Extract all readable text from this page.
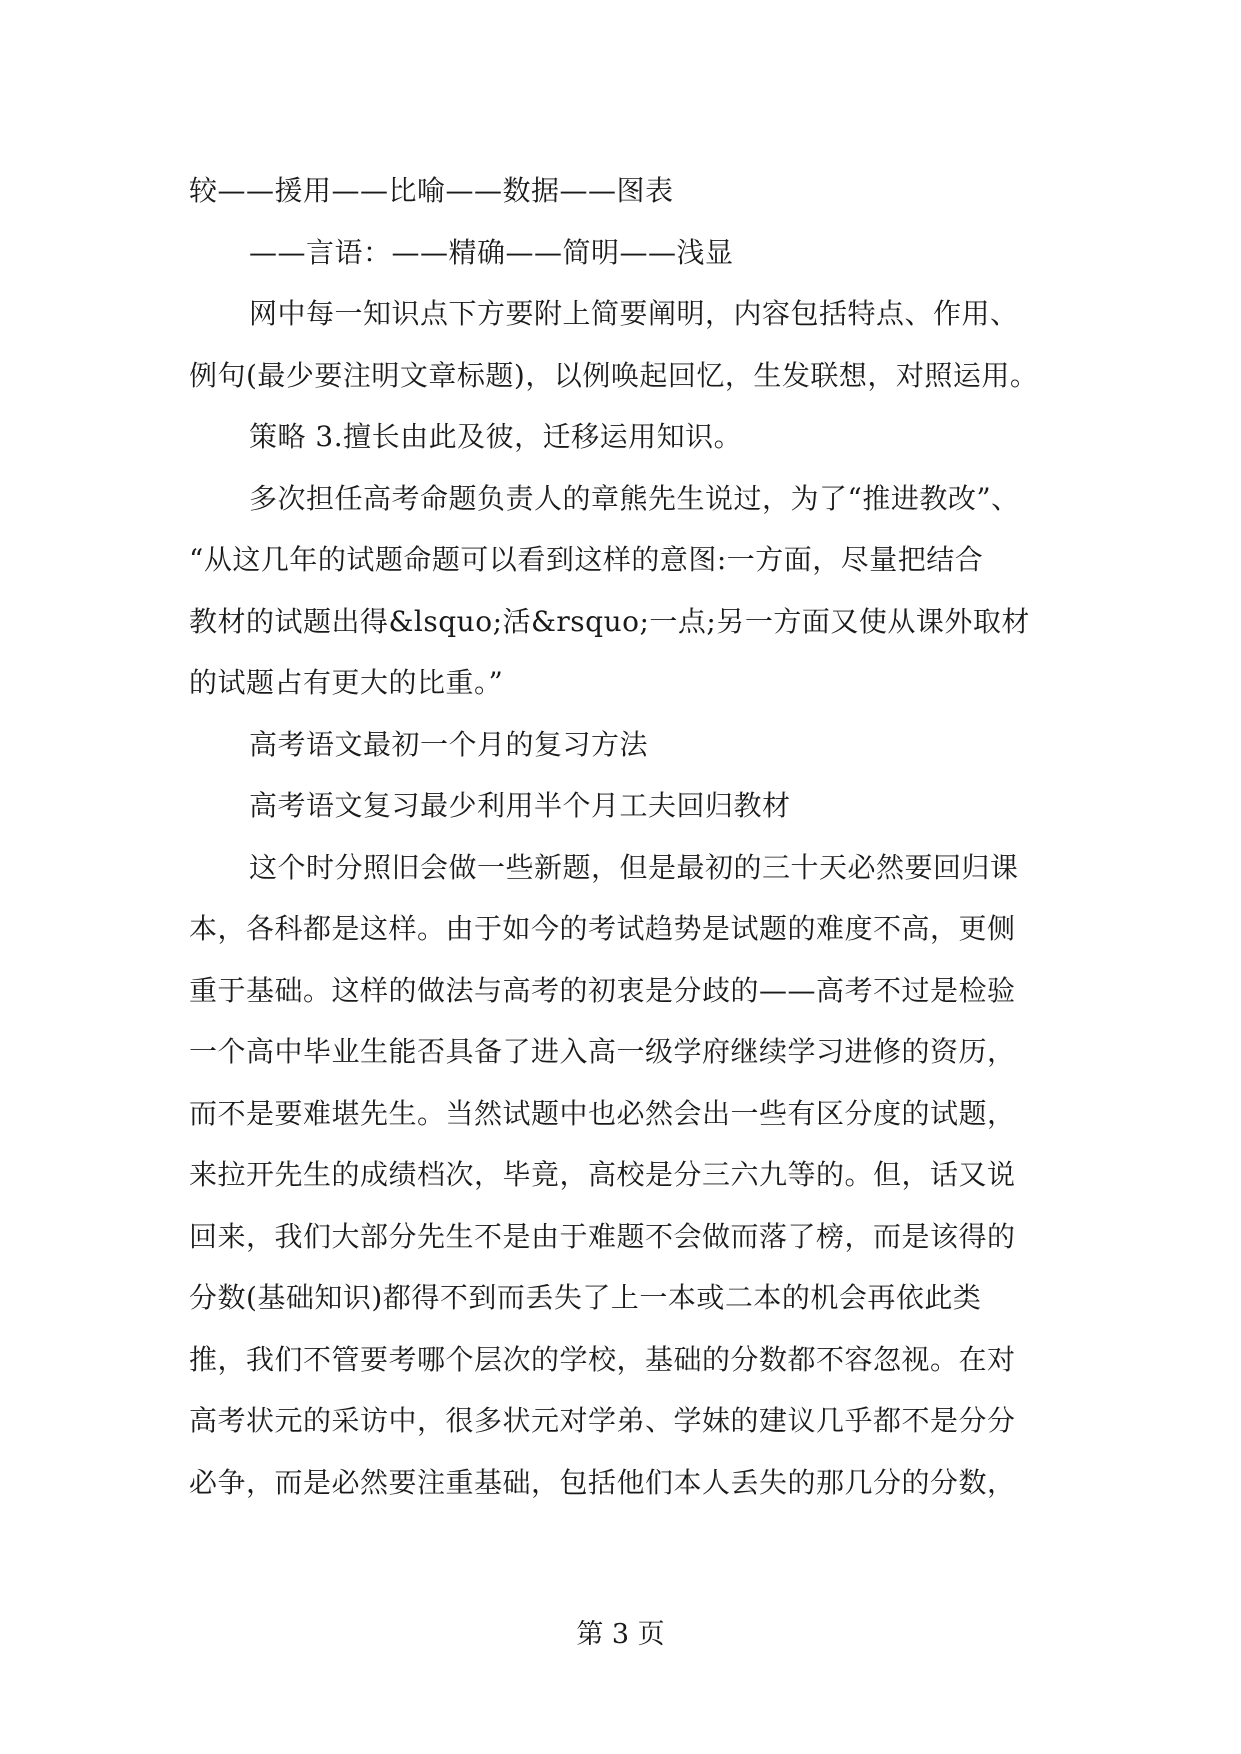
较——援用——比喻——数据——图表
——言语：——精确——简明——浅显
网中每一知识点下方要附上简要阐明，内容包括特点、作用、
例句(最少要注明文章标题)，以例唤起回忆，生发联想，对照运用。
策略 3.擅长由此及彼，迁移运用知识。
多次担任高考命题负责人的章熊先生说过，为了“推进教改”、
“从这几年的试题命题可以看到这样的意图:一方面，尽量把结合
教材的试题出得&lsquo;活&rsquo;一点;另一方面又使从课外取材
的试题占有更大的比重。”
高考语文最初一个月的复习方法
高考语文复习最少利用半个月工夫回归教材
这个时分照旧会做一些新题，但是最初的三十天必然要回归课
本，各科都是这样。由于如今的考试趋势是试题的难度不高，更侧
重于基础。这样的做法与高考的初衷是分歧的——高考不过是检验
一个高中毕业生能否具备了进入高一级学府继续学习进修的资历，
而不是要难堪先生。当然试题中也必然会出一些有区分度的试题，
来拉开先生的成绩档次，毕竟，高校是分三六九等的。但，话又说
回来，我们大部分先生不是由于难题不会做而落了榜，而是该得的
分数(基础知识)都得不到而丢失了上一本或二本的机会再依此类
推，我们不管要考哪个层次的学校，基础的分数都不容忽视。在对
高考状元的采访中，很多状元对学弟、学妹的建议几乎都不是分分
必争，而是必然要注重基础，包括他们本人丢失的那几分的分数，
第 3 页
